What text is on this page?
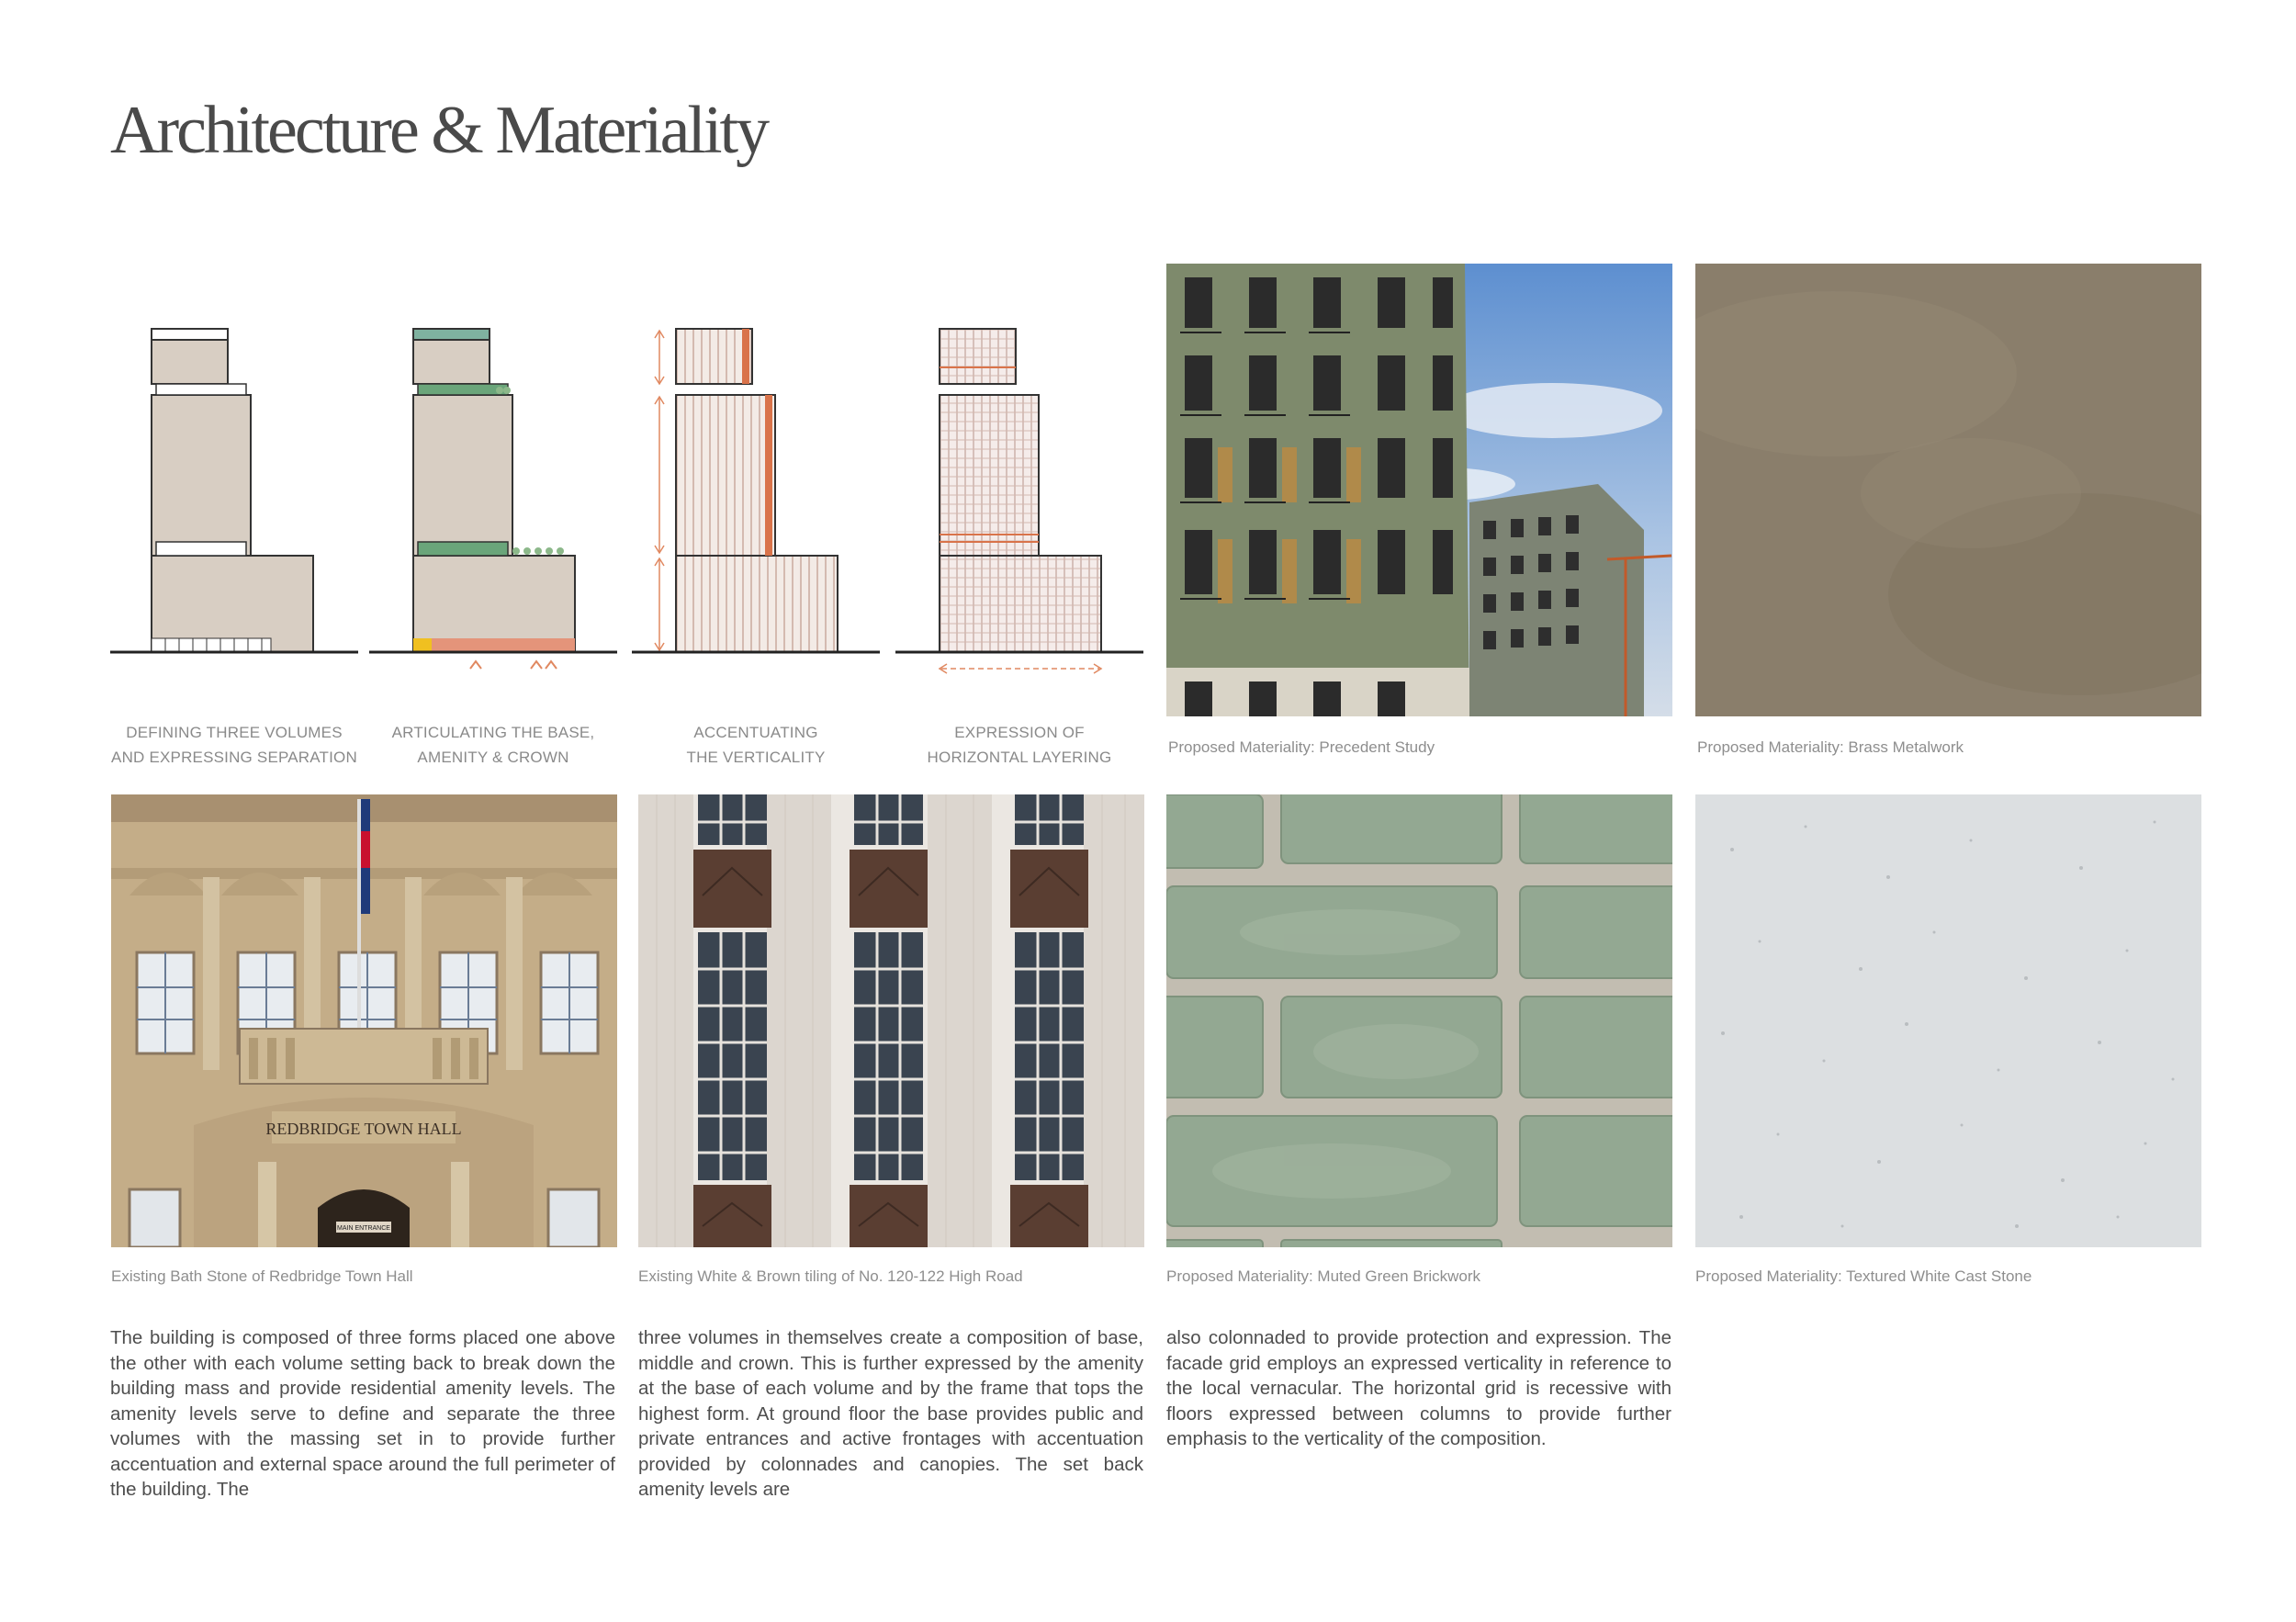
Architecture & Materiality
DEFINING THREE VOLUMES
AND EXPRESSING SEPARATION
ARTICULATING THE BASE,
AMENITY & CROWN
ACCENTUATING
THE VERTICALITY
EXPRESSION OF
HORIZONTAL LAYERING
Proposed Materiality: Precedent Study	Proposed Materiality: Brass Metalwork
REDBRIDGE TOWN HALL
MAIN ENTRANCE
Existing Bath Stone of Redbridge Town Hall	Existing White & Brown tiling of No. 120-122 High Road	Proposed Materiality: Muted Green Brickwork	Proposed Materiality: Textured White Cast Stone
The building is composed of three forms placed one above the other with each volume setting back to break down the building mass and provide residential amenity levels. The amenity levels serve to define and separate the three volumes with the massing set in to provide further accentuation and external space around the full perimeter of the building. The
three volumes in themselves create a composition of base, middle and crown. This is further expressed by the amenity at the base of each volume and by the frame that tops the highest form. At ground floor the base provides public and private entrances and active frontages with accentuation provided by colonnades and canopies. The set back amenity levels are
also colonnaded to provide protection and expression. The facade grid employs an expressed verticality in reference to the local vernacular. The horizontal grid is recessive with floors expressed between columns to provide further emphasis to the verticality of the composition.
